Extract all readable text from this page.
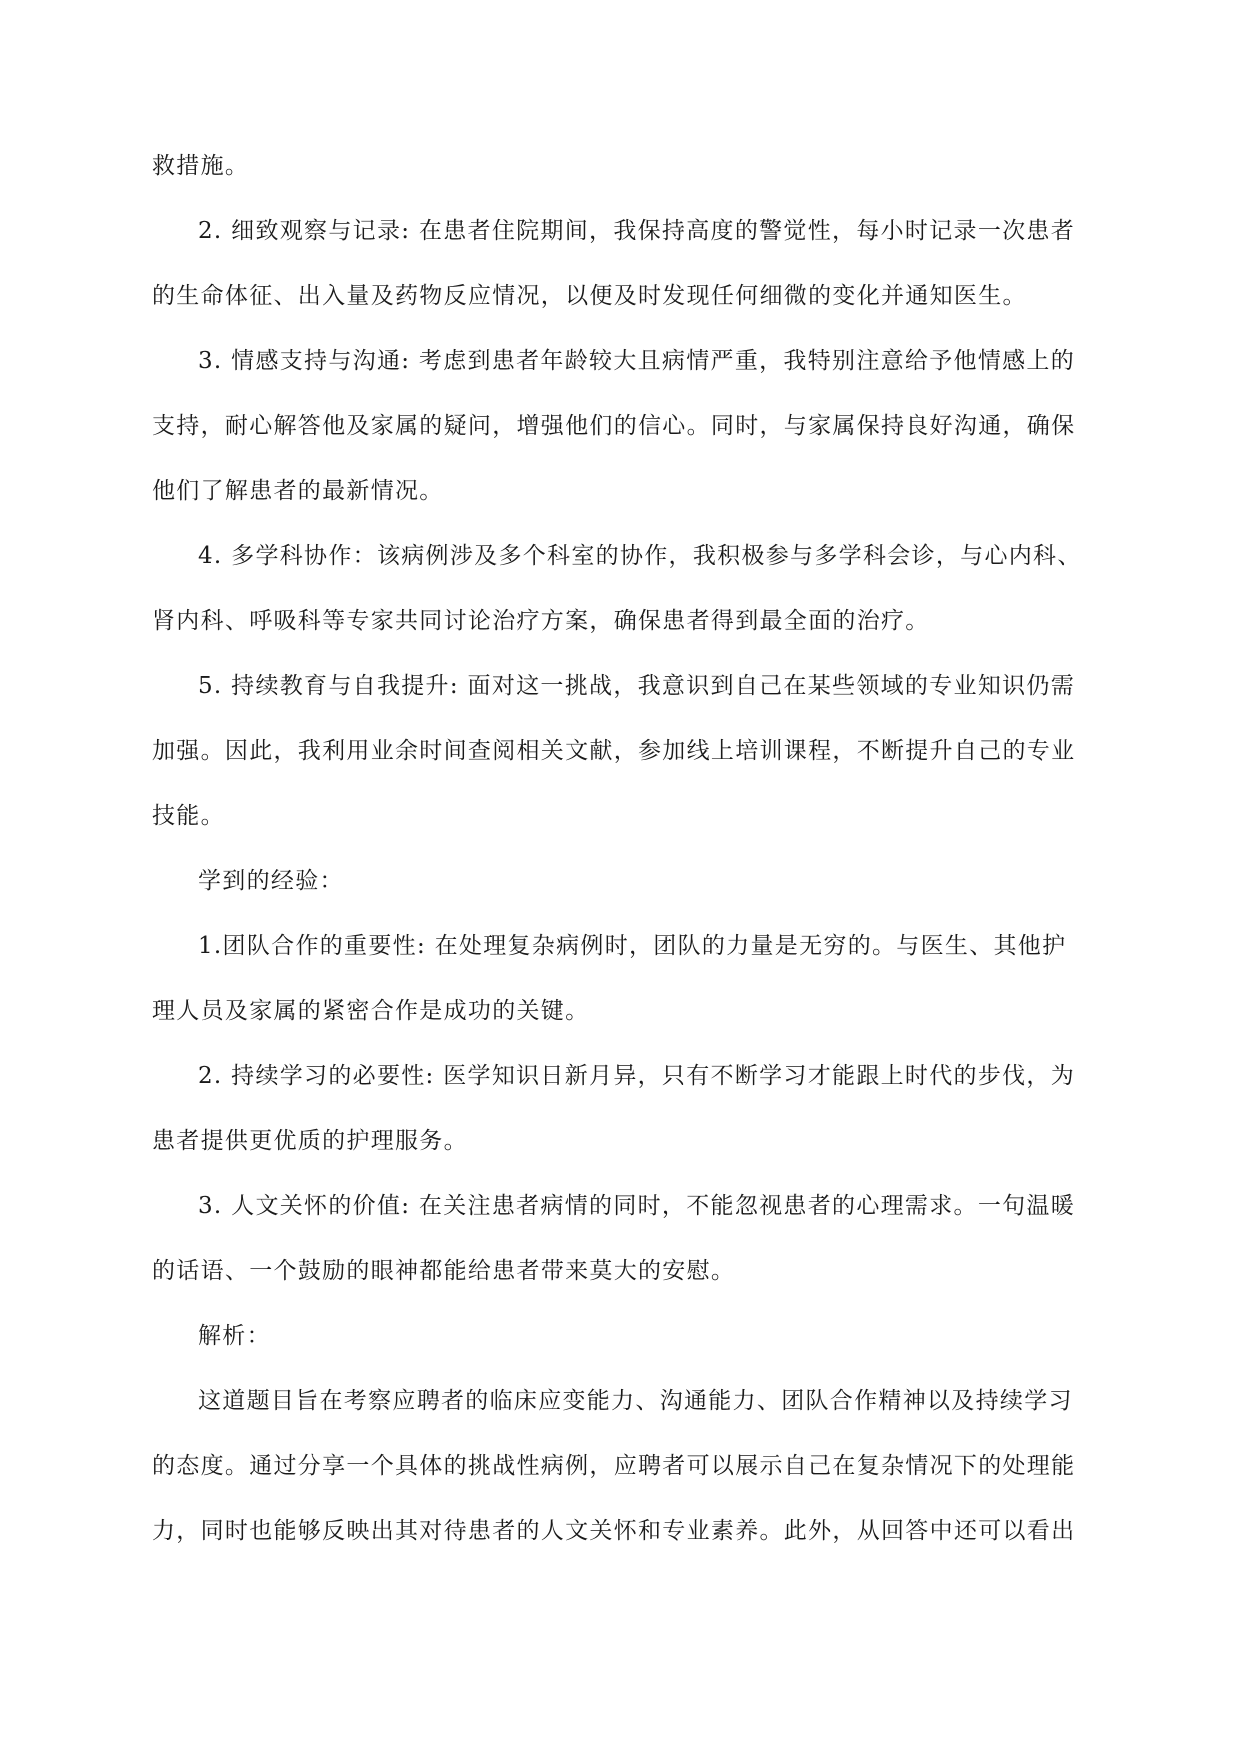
救措施。
2. 细致观察与记录: 在患者住院期间，我保持高度的警觉性，每小时记录一次患者
的生命体征、出入量及药物反应情况，以便及时发现任何细微的变化并通知医生。
3. 情感支持与沟通: 考虑到患者年龄较大且病情严重，我特别注意给予他情感上的
支持，耐心解答他及家属的疑问，增强他们的信心。同时，与家属保持良好沟通，确保
他们了解患者的最新情况。
4. 多学科协作：该病例涉及多个科室的协作，我积极参与多学科会诊，与心内科、
肾内科、呼吸科等专家共同讨论治疗方案，确保患者得到最全面的治疗。
5. 持续教育与自我提升: 面对这一挑战，我意识到自己在某些领域的专业知识仍需
加强。因此，我利用业余时间查阅相关文献，参加线上培训课程，不断提升自己的专业
技能。
学到的经验：
1.团队合作的重要性: 在处理复杂病例时，团队的力量是无穷的。与医生、其他护
理人员及家属的紧密合作是成功的关键。
2. 持续学习的必要性: 医学知识日新月异，只有不断学习才能跟上时代的步伐，为
患者提供更优质的护理服务。
3. 人文关怀的价值: 在关注患者病情的同时，不能忽视患者的心理需求。一句温暖
的话语、一个鼓励的眼神都能给患者带来莫大的安慰。
解析：
这道题目旨在考察应聘者的临床应变能力、沟通能力、团队合作精神以及持续学习
的态度。通过分享一个具体的挑战性病例，应聘者可以展示自己在复杂情况下的处理能
力，同时也能够反映出其对待患者的人文关怀和专业素养。此外，从回答中还可以看出
